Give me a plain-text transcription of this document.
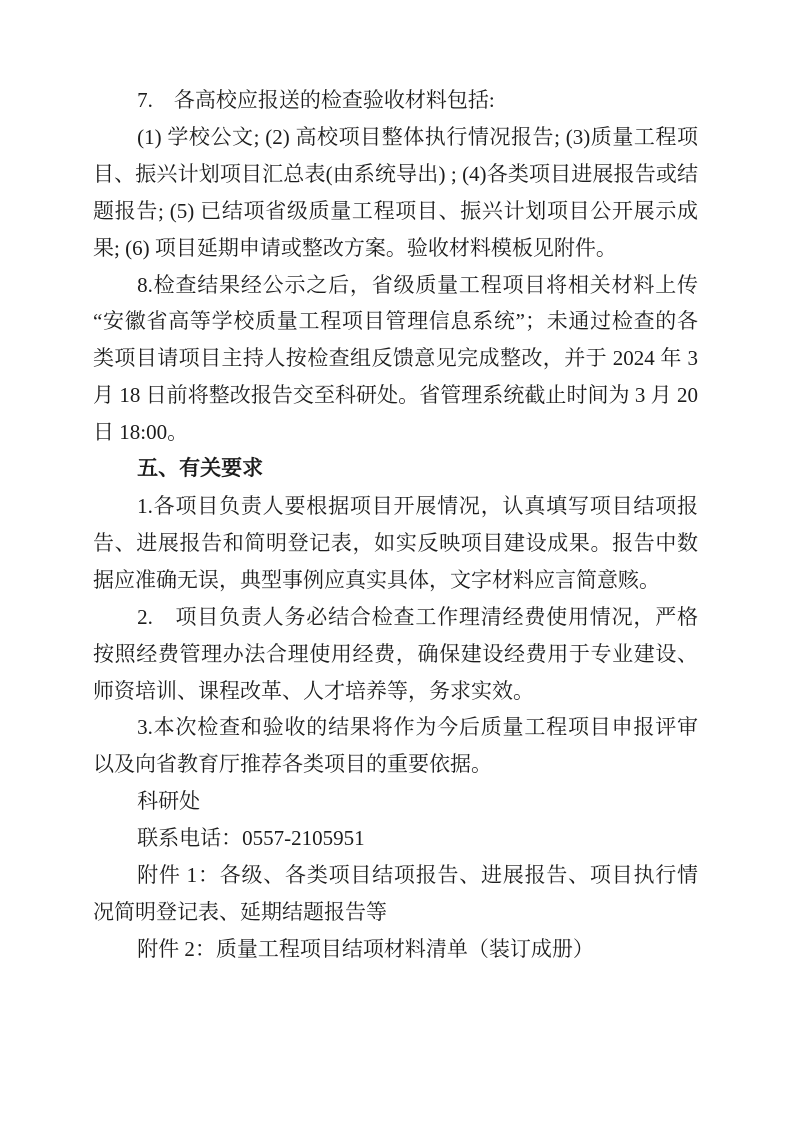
7.　各高校应报送的检查验收材料包括:

(1) 学校公文; (2) 高校项目整体执行情况报告; (3)质量工程项目、振兴计划项目汇总表(由系统导出) ; (4)各类项目进展报告或结题报告; (5) 已结项省级质量工程项目、振兴计划项目公开展示成果; (6) 项目延期申请或整改方案。验收材料模板见附件。

8.检查结果经公示之后，省级质量工程项目将相关材料上传 “安徽省高等学校质量工程项目管理信息系统”；未通过检查的各类项目请项目主持人按检查组反馈意见完成整改，并于 2024 年 3 月 18 日前将整改报告交至科研处。省管理系统截止时间为 3 月 20 日 18:00。

五、有关要求

1.各项目负责人要根据项目开展情况，认真填写项目结项报告、进展报告和简明登记表，如实反映项目建设成果。报告中数据应准确无误，典型事例应真实具体，文字材料应言简意赅。

2.　项目负责人务必结合检查工作理清经费使用情况，严格按照经费管理办法合理使用经费，确保建设经费用于专业建设、师资培训、课程改革、人才培养等，务求实效。

3.本次检查和验收的结果将作为今后质量工程项目申报评审以及向省教育厅推荐各类项目的重要依据。

科研处

联系电话：0557-2105951

附件 1：各级、各类项目结项报告、进展报告、项目执行情况简明登记表、延期结题报告等

附件 2：质量工程项目结项材料清单（装订成册）
